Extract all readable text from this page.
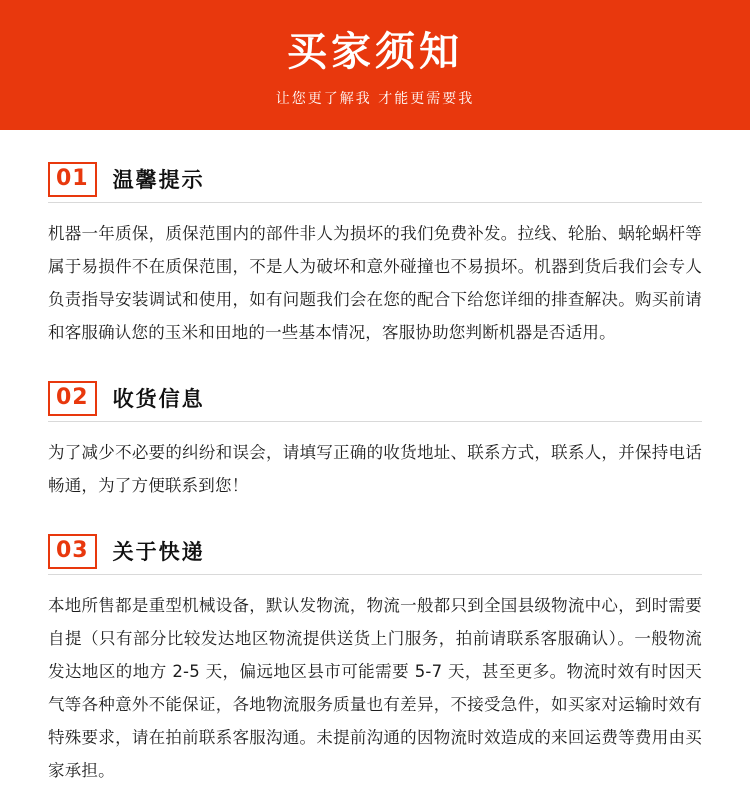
买家须知
让您更了解我 才能更需要我
01	温馨提示
机器一年质保，质保范围内的部件非人为损坏的我们免费补发。拉线、轮胎、蜗轮蜗杆等属于易损件不在质保范围，不是人为破坏和意外碰撞也不易损坏。机器到货后我们会专人负责指导安装调试和使用，如有问题我们会在您的配合下给您详细的排查解决。购买前请和客服确认您的玉米和田地的一些基本情况，客服协助您判断机器是否适用。
02	收货信息
为了减少不必要的纠纷和误会，请填写正确的收货地址、联系方式，联系人，并保持电话畅通，为了方便联系到您！
03	关于快递
本地所售都是重型机械设备，默认发物流，物流一般都只到全国县级物流中心，到时需要自提（只有部分比较发达地区物流提供送货上门服务，拍前请联系客服确认）。一般物流发达地区的地方 2-5 天，偏远地区县市可能需要 5-7 天，甚至更多。物流时效有时因天气等各种意外不能保证，各地物流服务质量也有差异，不接受急件，如买家对运输时效有特殊要求，请在拍前联系客服沟通。未提前沟通的因物流时效造成的来回运费等费用由买家承担。
